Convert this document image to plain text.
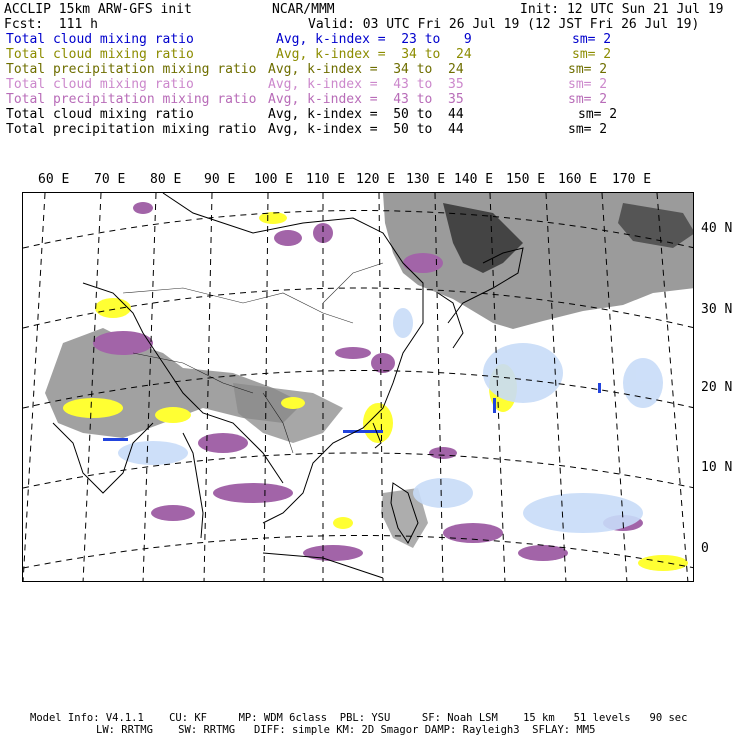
ACCLIP 15km ARW-GFS init	NCAR/MMM	Init: 12 UTC Sun 21 Jul 19
Fcst:  111 h	Valid: 03 UTC Fri 26 Jul 19 (12 JST Fri 26 Jul 19)
Total cloud mixing ratio	Avg, k-index =  23 to   9	sm= 2
Total cloud mixing ratio	Avg, k-index =  34 to  24	sm= 2
Total precipitation mixing ratio Avg, k-index =  34 to  24	sm= 2
Total cloud mixing ratio	Avg, k-index =  43 to  35	sm= 2
Total precipitation mixing ratio Avg, k-index =  43 to  35	sm= 2
Total cloud mixing ratio	Avg, k-index =  50 to  44	sm= 2
Total precipitation mixing ratio Avg, k-index =  50 to  44	sm= 2
60 E 70 E 80 E 90 E 100 E 110 E 120 E 130 E 140 E 150 E 160 E 170 E
40 N
30 N
20 N
10 N
0
Model Info: V4.1.1    CU: KF     MP: WDM 6class  PBL: YSU     SF: Noah LSM    15 km   51 levels   90 sec
LW: RRTMG    SW: RRTMG   DIFF: simple KM: 2D Smagor DAMP: Rayleigh3  SFLAY: MM5
